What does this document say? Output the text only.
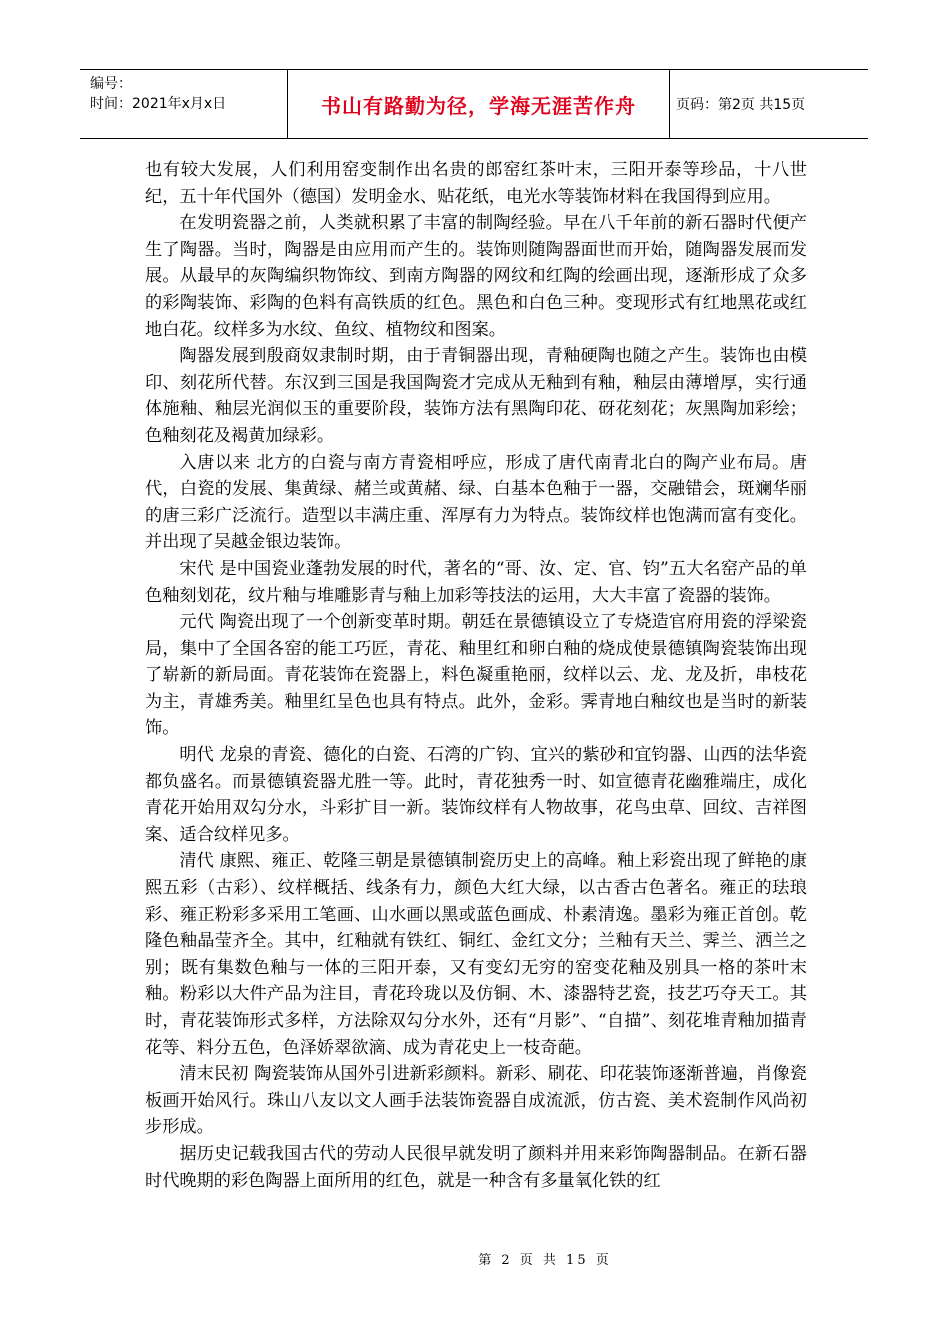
编号：
时间：2021年x月x日	书山有路勤为径，学海无涯苦作舟	页码：第2页 共15页

也有较大发展，人们利用窑变制作出名贵的郎窑红茶叶末，三阳开泰等珍品，十八世纪，五十年代国外（德国）发明金水、贴花纸，电光水等装饰材料在我国得到应用。

在发明瓷器之前，人类就积累了丰富的制陶经验。早在八千年前的新石器时代便产生了陶器。当时，陶器是由应用而产生的。装饰则随陶器面世而开始，随陶器发展而发展。从最早的灰陶编织物饰纹、到南方陶器的网纹和红陶的绘画出现，逐渐形成了众多的彩陶装饰、彩陶的色料有高铁质的红色。黑色和白色三种。变现形式有红地黑花或红地白花。纹样多为水纹、鱼纹、植物纹和图案。

陶器发展到殷商奴隶制时期，由于青铜器出现，青釉硬陶也随之产生。装饰也由模印、刻花所代替。东汉到三国是我国陶瓷才完成从无釉到有釉，釉层由薄增厚，实行通体施釉、釉层光润似玉的重要阶段，装饰方法有黑陶印花、砑花刻花；灰黑陶加彩绘；色釉刻花及褐黄加绿彩。

入唐以来 北方的白瓷与南方青瓷相呼应，形成了唐代南青北白的陶产业布局。唐代，白瓷的发展、集黄绿、赭兰或黄赭、绿、白基本色釉于一器，交融错会，斑斓华丽的唐三彩广泛流行。造型以丰满庄重、浑厚有力为特点。装饰纹样也饱满而富有变化。并出现了吴越金银边装饰。

宋代 是中国瓷业蓬勃发展的时代，著名的“哥、汝、定、官、钧”五大名窑产品的单色釉刻划花，纹片釉与堆雕影青与釉上加彩等技法的运用，大大丰富了瓷器的装饰。

元代 陶瓷出现了一个创新变革时期。朝廷在景德镇设立了专烧造官府用瓷的浮梁瓷局，集中了全国各窑的能工巧匠，青花、釉里红和卵白釉的烧成使景德镇陶瓷装饰出现了崭新的新局面。青花装饰在瓷器上，料色凝重艳丽，纹样以云、龙、龙及折，串枝花为主，青雄秀美。釉里红呈色也具有特点。此外，金彩。霁青地白釉纹也是当时的新装饰。

明代 龙泉的青瓷、德化的白瓷、石湾的广钧、宜兴的紫砂和宜钧器、山西的法华瓷都负盛名。而景德镇瓷器尤胜一等。此时，青花独秀一时、如宣德青花幽雅端庄，成化青花开始用双勾分水，斗彩扩目一新。装饰纹样有人物故事，花鸟虫草、回纹、吉祥图案、适合纹样见多。

清代 康熙、雍正、乾隆三朝是景德镇制瓷历史上的高峰。釉上彩瓷出现了鲜艳的康熙五彩（古彩）、纹样概括、线条有力，颜色大红大绿，以古香古色著名。雍正的珐琅彩、雍正粉彩多采用工笔画、山水画以黑或蓝色画成、朴素清逸。墨彩为雍正首创。乾隆色釉晶莹齐全。其中，红釉就有铁红、铜红、金红文分；兰釉有天兰、霁兰、洒兰之别；既有集数色釉与一体的三阳开泰，又有变幻无穷的窑变花釉及别具一格的茶叶末釉。粉彩以大件产品为注目，青花玲珑以及仿铜、木、漆器特艺瓷，技艺巧夺天工。其时，青花装饰形式多样，方法除双勾分水外，还有“月影”、“自描”、刻花堆青釉加描青花等、料分五色，色泽娇翠欲滴、成为青花史上一枝奇葩。

清末民初 陶瓷装饰从国外引进新彩颜料。新彩、刷花、印花装饰逐渐普遍，肖像瓷板画开始风行。珠山八友以文人画手法装饰瓷器自成流派，仿古瓷、美术瓷制作风尚初步形成。

据历史记载我国古代的劳动人民很早就发明了颜料并用来彩饰陶器制品。在新石器时代晚期的彩色陶器上面所用的红色，就是一种含有多量氧化铁的红

第 2 页 共 15 页
